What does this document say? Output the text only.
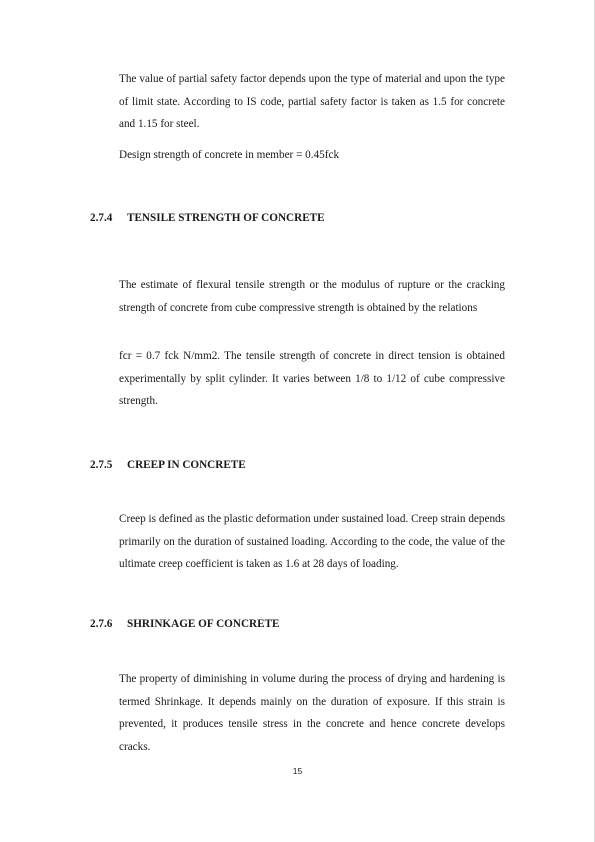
The value of partial safety factor depends upon the type of material and upon the type of limit state. According to IS code, partial safety factor is taken as 1.5 for concrete and 1.15 for steel.

Design strength of concrete in member = 0.45fck

2.7.4 TENSILE STRENGTH OF CONCRETE

The estimate of flexural tensile strength or the modulus of rupture or the cracking strength of concrete from cube compressive strength is obtained by the relations

fcr = 0.7 fck N/mm2. The tensile strength of concrete in direct tension is obtained experimentally by split cylinder. It varies between 1/8 to 1/12 of cube compressive strength.

2.7.5 CREEP IN CONCRETE

Creep is defined as the plastic deformation under sustained load. Creep strain depends primarily on the duration of sustained loading. According to the code, the value of the ultimate creep coefficient is taken as 1.6 at 28 days of loading.

2.7.6 SHRINKAGE OF CONCRETE

The property of diminishing in volume during the process of drying and hardening is termed Shrinkage. It depends mainly on the duration of exposure. If this strain is prevented, it produces tensile stress in the concrete and hence concrete develops cracks.

15
